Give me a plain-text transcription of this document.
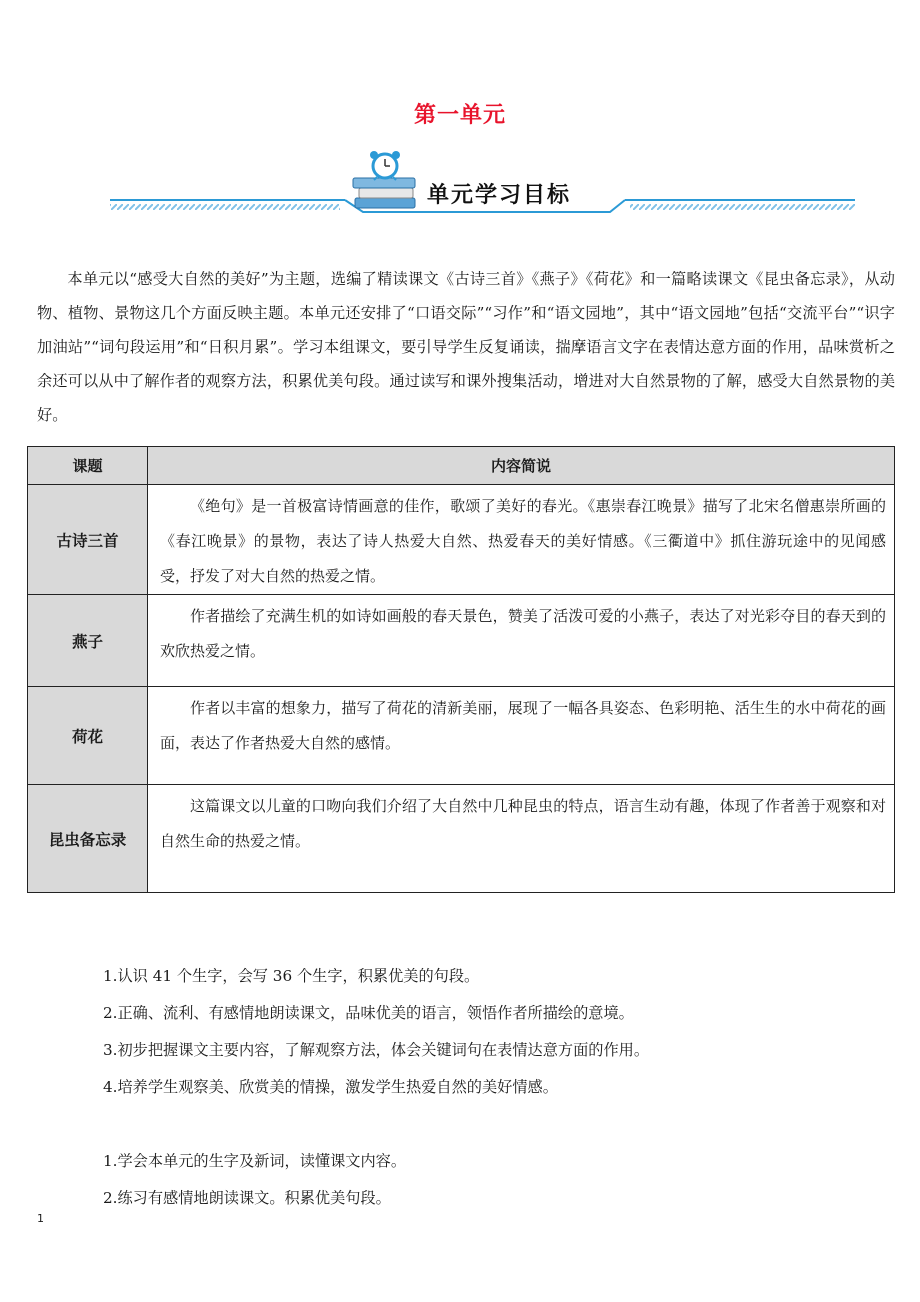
第一单元
单元学习目标
本单元以“感受大自然的美好”为主题，选编了精读课文《古诗三首》《燕子》《荷花》和一篇略读课文《昆虫备忘录》，从动物、植物、景物这几个方面反映主题。本单元还安排了“口语交际”“习作”和“语文园地”，其中“语文园地”包括“交流平台”“识字加油站”“词句段运用”和“日积月累”。学习本组课文，要引导学生反复诵读，揣摩语言文字在表情达意方面的作用，品味赏析之余还可以从中了解作者的观察方法，积累优美句段。通过读写和课外搜集活动，增进对大自然景物的了解，感受大自然景物的美好。
课题	内容简说
古诗三首	《绝句》是一首极富诗情画意的佳作，歌颂了美好的春光。《惠崇春江晚景》描写了北宋名僧惠崇所画的《春江晚景》的景物，表达了诗人热爱大自然、热爱春天的美好情感。《三衢道中》抓住游玩途中的见闻感受，抒发了对大自然的热爱之情。
燕子	作者描绘了充满生机的如诗如画般的春天景色，赞美了活泼可爱的小燕子，表达了对光彩夺目的春天到的欢欣热爱之情。
荷花	作者以丰富的想象力，描写了荷花的清新美丽，展现了一幅各具姿态、色彩明艳、活生生的水中荷花的画面，表达了作者热爱大自然的感情。
昆虫备忘录	这篇课文以儿童的口吻向我们介绍了大自然中几种昆虫的特点，语言生动有趣，体现了作者善于观察和对自然生命的热爱之情。
1.认识 41 个生字，会写 36 个生字，积累优美的句段。
2.正确、流利、有感情地朗读课文，品味优美的语言，领悟作者所描绘的意境。
3.初步把握课文主要内容，了解观察方法，体会关键词句在表情达意方面的作用。
4.培养学生观察美、欣赏美的情操，激发学生热爱自然的美好情感。
1.学会本单元的生字及新词，读懂课文内容。
2.练习有感情地朗读课文。积累优美句段。
1
